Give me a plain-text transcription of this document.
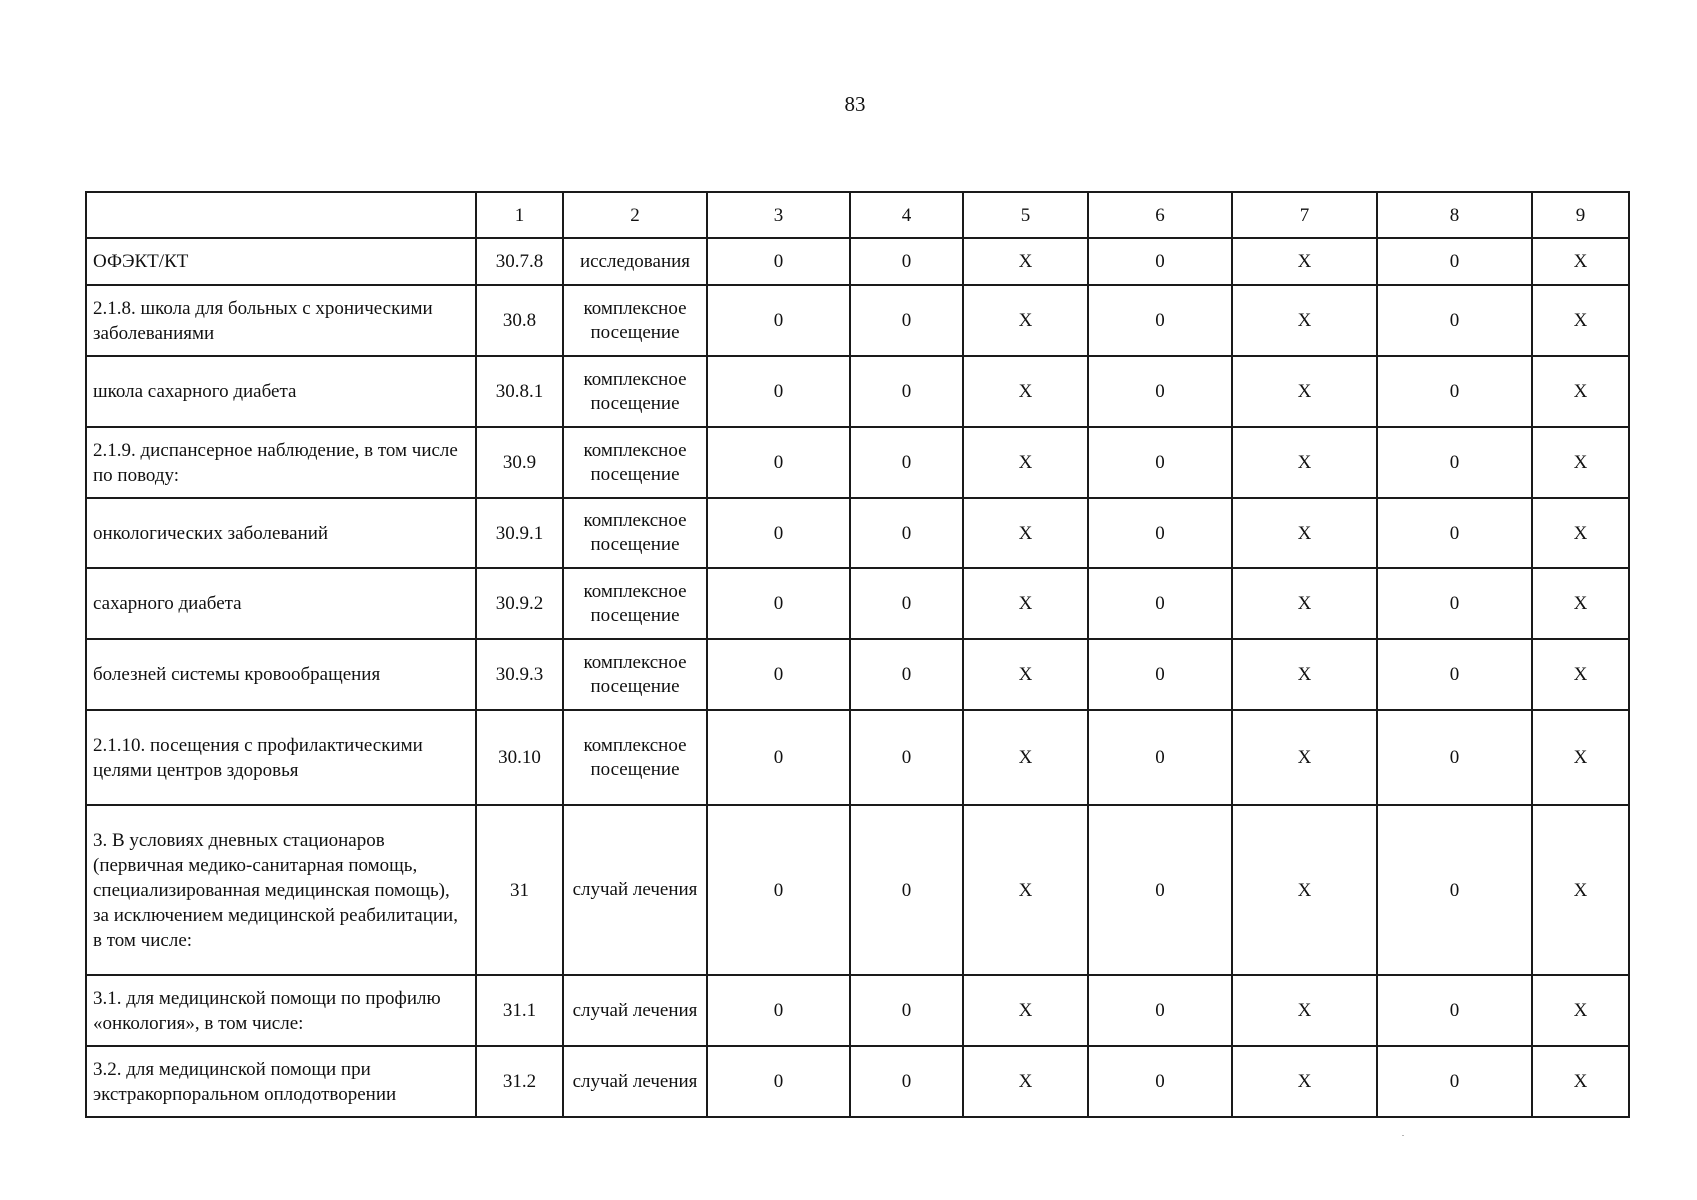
83
	1	2	3	4	5	6	7	8	9
ОФЭКТ/КТ	30.7.8	исследования	0	0	X	0	X	0	X
2.1.8. школа для больных с хроническими заболеваниями	30.8	комплексное посещение	0	0	X	0	X	0	X
школа сахарного диабета	30.8.1	комплексное посещение	0	0	X	0	X	0	X
2.1.9. диспансерное наблюдение, в том числе по поводу:	30.9	комплексное посещение	0	0	X	0	X	0	X
онкологических заболеваний	30.9.1	комплексное посещение	0	0	X	0	X	0	X
сахарного диабета	30.9.2	комплексное посещение	0	0	X	0	X	0	X
болезней системы кровообращения	30.9.3	комплексное посещение	0	0	X	0	X	0	X
2.1.10. посещения с профилактическими целями центров здоровья	30.10	комплексное посещение	0	0	X	0	X	0	X
3. В условиях дневных стационаров (первичная медико-санитарная помощь, специализированная медицинская помощь), за исключением медицинской реабилитации, в том числе:	31	случай лечения	0	0	X	0	X	0	X
3.1. для медицинской помощи по профилю «онкология», в том числе:	31.1	случай лечения	0	0	X	0	X	0	X
3.2. для медицинской помощи при экстракорпоральном оплодотворении	31.2	случай лечения	0	0	X	0	X	0	X
